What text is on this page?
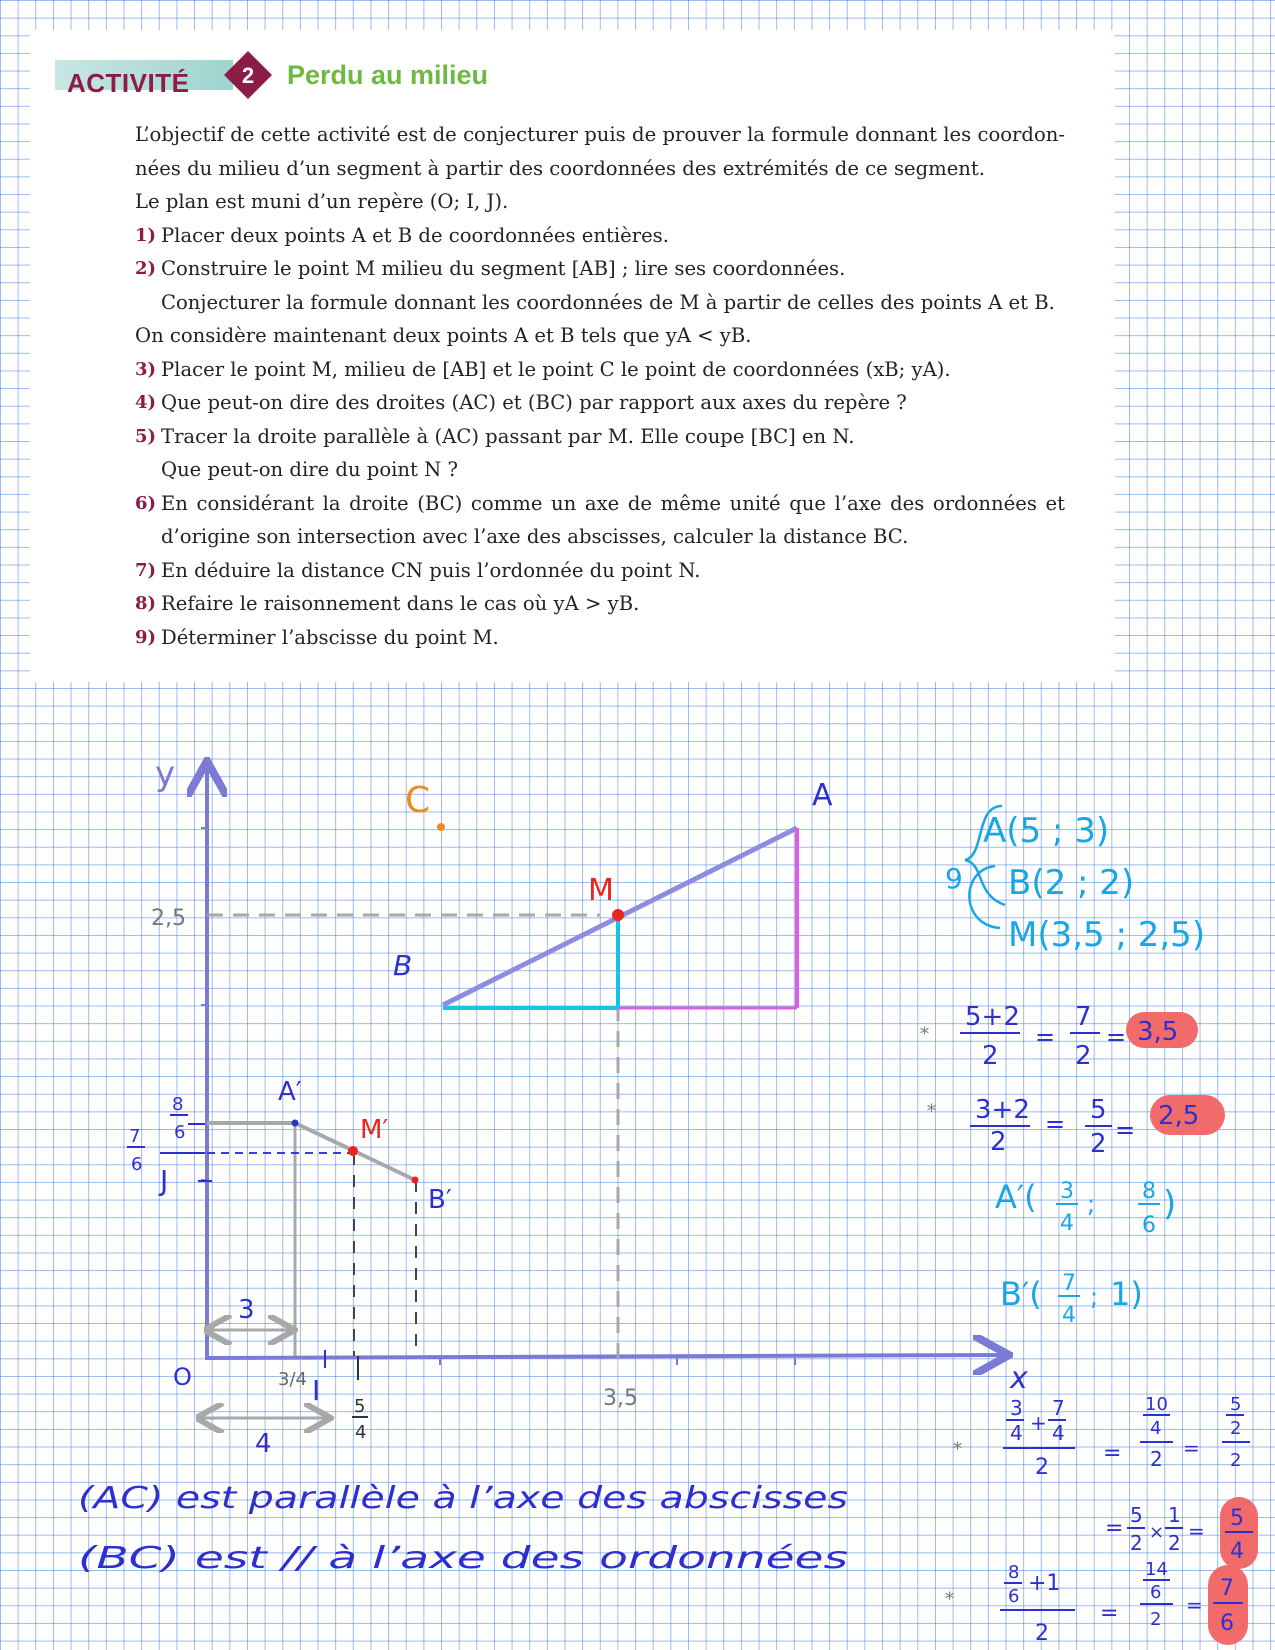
ACTIVITÉ 2 Perdu au milieu

L’objectif de cette activité est de conjecturer puis de prouver la formule donnant les coordon-nées du milieu d’un segment à partir des coordonnées des extrémités de ce segment.

Le plan est muni d’un repère (O; I, J).

1) Placer deux points A et B de coordonnées entières.

2) Construire le point M milieu du segment [AB] ; lire ses coordonnées.

Conjecturer la formule donnant les coordonnées de M à partir de celles des points A et B.

On considère maintenant deux points A et B tels que yA < yB.

3) Placer le point M, milieu de [AB] et le point C le point de coordonnées (xB; yA).

4) Que peut-on dire des droites (AC) et (BC) par rapport aux axes du repère ?

5) Tracer la droite parallèle à (AC) passant par M. Elle coupe [BC] en N.

Que peut-on dire du point N ?

6) En considérant la droite (BC) comme un axe de même unité que l’axe des ordonnées et d’origine son intersection avec l’axe des abscisses, calculer la distance BC.

7) En déduire la distance CN puis l’ordonnée du point N.

8) Refaire le raisonnement dans le cas où yA > yB.

9) Déterminer l’abscisse du point M.

y
x
O
M
A
B
C
2,5
3,5
A′
M′
B′
8
6
7
6 J
3/4 I 5
4
3
4
A(5 ; 3)
B(2 ; 2)
M(3,5 ; 2,5)
9
*
5+2
2
=
7
2
= 3,5
* 3+2
2
= 5
2 = 2,5
A′( 3
4
; 8
6
)
B′( 7
4
; 1)
(AC) est parallèle à l’axe des abscisses
(BC) est // à l’axe des ordonnées
*
3
4 +
7
4
2
=
10
4
2 =
5
2
2
=
5
2 ×
1
2 = 5
4
*
8
6
+1
2
=
14
6
2
=
7
6
